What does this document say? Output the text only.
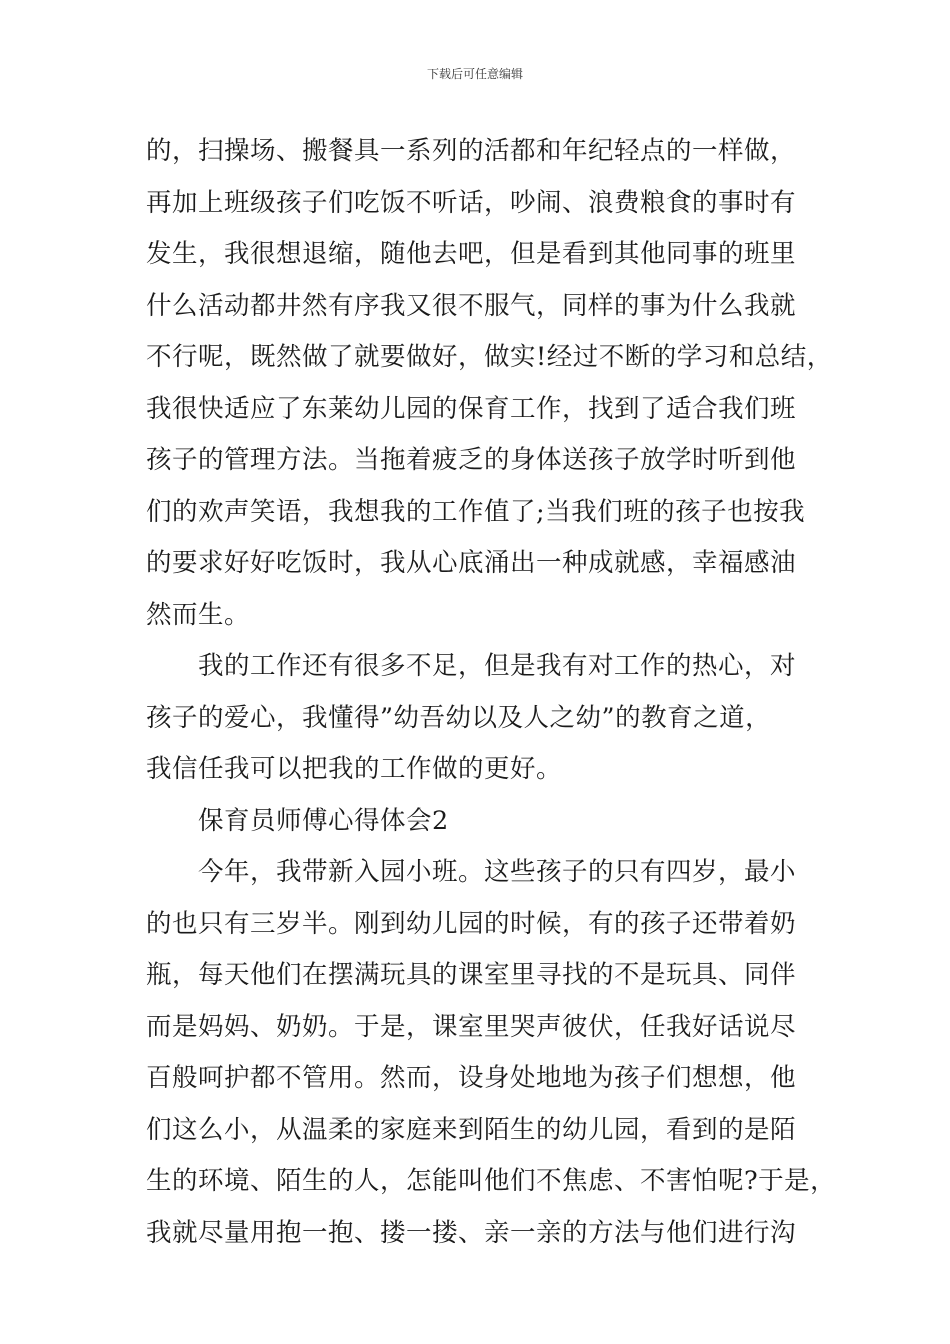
下载后可任意编辑
的，扫操场、搬餐具一系列的活都和年纪轻点的一样做，
再加上班级孩子们吃饭不听话，吵闹、浪费粮食的事时有
发生，我很想退缩，随他去吧，但是看到其他同事的班里
什么活动都井然有序我又很不服气，同样的事为什么我就
不行呢，既然做了就要做好，做实!经过不断的学习和总结，
我很快适应了东莱幼儿园的保育工作，找到了适合我们班
孩子的管理方法。当拖着疲乏的身体送孩子放学时听到他
们的欢声笑语，我想我的工作值了;当我们班的孩子也按我
的要求好好吃饭时，我从心底涌出一种成就感，幸福感油
然而生。
我的工作还有很多不足，但是我有对工作的热心，对
孩子的爱心，我懂得”幼吾幼以及人之幼”的教育之道，
我信任我可以把我的工作做的更好。
保育员师傅心得体会2
今年，我带新入园小班。这些孩子的只有四岁，最小
的也只有三岁半。刚到幼儿园的时候，有的孩子还带着奶
瓶，每天他们在摆满玩具的课室里寻找的不是玩具、同伴
而是妈妈、奶奶。于是，课室里哭声彼伏，任我好话说尽
百般呵护都不管用。然而，设身处地地为孩子们想想，他
们这么小，从温柔的家庭来到陌生的幼儿园，看到的是陌
生的环境、陌生的人，怎能叫他们不焦虑、不害怕呢?于是，
我就尽量用抱一抱、搂一搂、亲一亲的方法与他们进行沟
